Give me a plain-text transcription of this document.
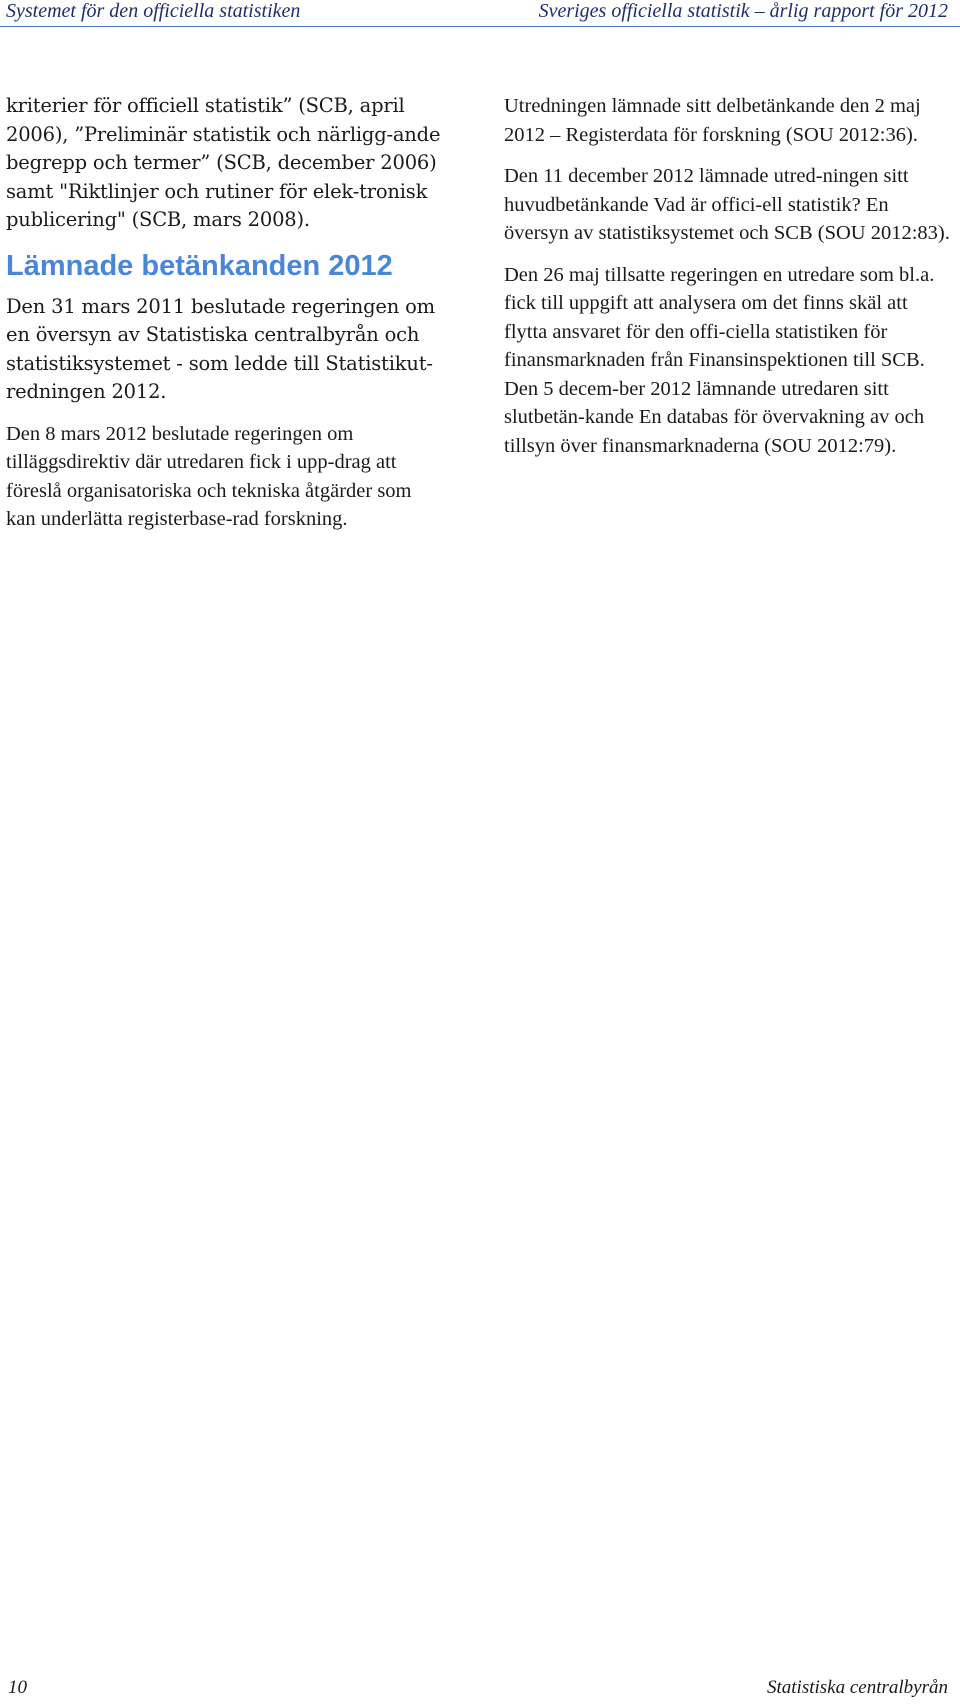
Systemet för den officiella statistiken	Sveriges officiella statistik – årlig rapport för 2012

kriterier för officiell statistik” (SCB, april 2006), ”Preliminär statistik och närligg-ande begrepp och termer” (SCB, december 2006) samt "Riktlinjer och rutiner för elek-tronisk publicering" (SCB, mars 2008).

Lämnade betänkanden 2012

Den 31 mars 2011 beslutade regeringen om en översyn av Statistiska centralbyrån och statistiksystemet - som ledde till Statistikut-redningen 2012.

Den 8 mars 2012 beslutade regeringen om tilläggsdirektiv där utredaren fick i upp-drag att föreslå organisatoriska och tekniska åtgärder som kan underlätta registerbase-rad forskning.

Utredningen lämnade sitt delbetänkande den 2 maj 2012 – Registerdata för forskning (SOU 2012:36).

Den 11 december 2012 lämnade utred-ningen sitt huvudbetänkande Vad är offici-ell statistik? En översyn av statistiksystemet och SCB (SOU 2012:83).

Den 26 maj tillsatte regeringen en utredare som bl.a. fick till uppgift att analysera om det finns skäl att flytta ansvaret för den offi-ciella statistiken för finansmarknaden från Finansinspektionen till SCB. Den 5 decem-ber 2012 lämnande utredaren sitt slutbetän-kande En databas för övervakning av och tillsyn över finansmarknaderna (SOU 2012:79).

10	Statistiska centralbyrån
